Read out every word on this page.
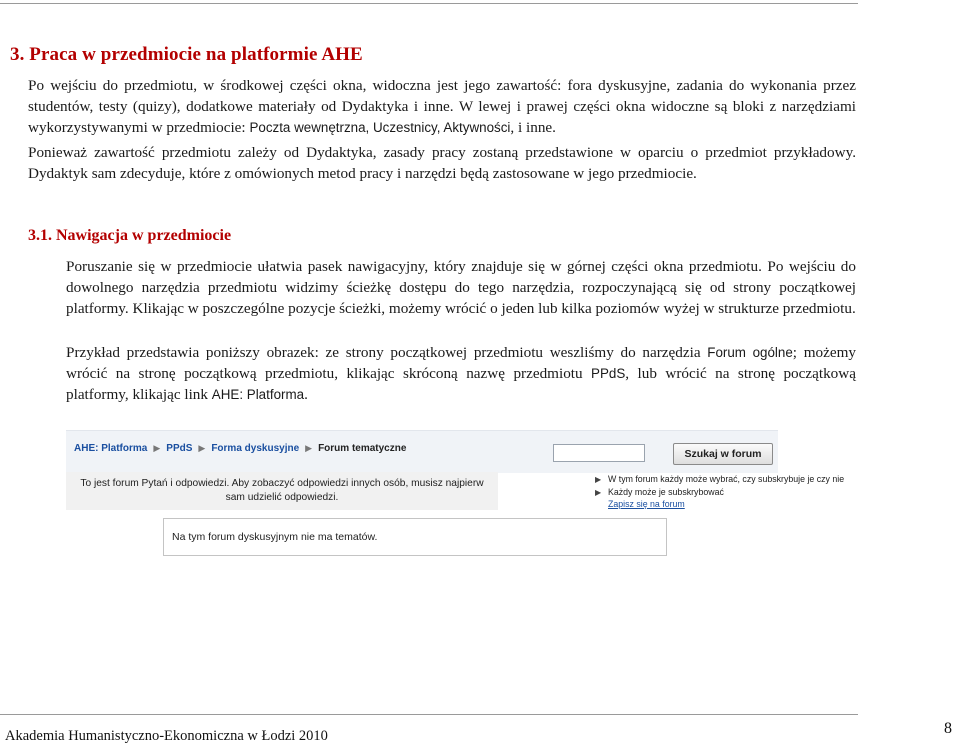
3. Praca w przedmiocie na platformie AHE

Po wejściu do przedmiotu, w środkowej części okna, widoczna jest jego zawartość: fora dyskusyjne, zadania do wykonania przez studentów, testy (quizy), dodatkowe materiały od Dydaktyka i inne. W lewej i prawej części okna widoczne są bloki z narzędziami wykorzystywanymi w przedmiocie: Poczta wewnętrzna, Uczestnicy, Aktywności, i inne.

Ponieważ zawartość przedmiotu zależy od Dydaktyka, zasady pracy zostaną przedstawione w oparciu o przedmiot przykładowy. Dydaktyk sam zdecyduje, które z omówionych metod pracy i narzędzi będą zastosowane w jego przedmiocie.

3.1. Nawigacja w przedmiocie

Poruszanie się w przedmiocie ułatwia pasek nawigacyjny, który znajduje się w górnej części okna przedmiotu. Po wejściu do dowolnego narzędzia przedmiotu widzimy ścieżkę dostępu do tego narzędzia, rozpoczynającą się od strony początkowej platformy. Klikając w poszczególne pozycje ścieżki, możemy wrócić o jeden lub kilka poziomów wyżej w strukturze przedmiotu.

Przykład przedstawia poniższy obrazek: ze strony początkowej przedmiotu weszliśmy do narzędzia Forum ogólne; możemy wrócić na stronę początkową przedmiotu, klikając skróconą nazwę przedmiotu PPdS, lub wrócić na stronę początkową platformy, klikając link AHE: Platforma.

AHE: Platforma ▶ PPdS ▶ Forma dyskusyjne ▶ Forum tematyczne	Szukaj w forum
To jest forum Pytań i odpowiedzi. Aby zobaczyć odpowiedzi innych osób, musisz najpierw sam udzielić odpowiedzi.
▶ W tym forum każdy może wybrać, czy subskrybuje je czy nie
▶ Każdy może je subskrybować
Zapisz się na forum
Na tym forum dyskusyjnym nie ma tematów.
Akademia Humanistyczno-Ekonomiczna w Łodzi 2010	8
